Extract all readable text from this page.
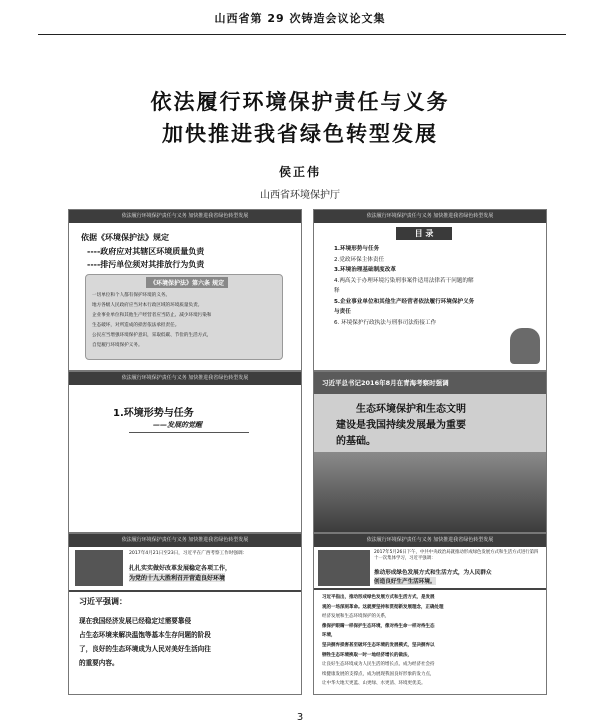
山西省第 29 次铸造会议论文集
依法履行环境保护责任与义务
加快推进我省绿色转型发展
侯正伟
山西省环境保护厅
依法履行环境保护责任与义务 加快推进我省绿色转型发展
依据《环境保护法》规定
----政府应对其辖区环境质量负责
----排污单位须对其排放行为负责
《环境保护法》第六条 规定
一切单位和个人都有保护环境的义务。
地方各级人民政府应当对本行政区域的环境质量负责。
企业事业单位和其他生产经营者应当防止、减少环境污染和
生态破坏，对所造成的损害依法承担责任。
公民应当增强环境保护意识，采取低碳、节俭的生活方式，
自觉履行环境保护义务。
依法履行环境保护责任与义务 加快推进我省绿色转型发展
目 录
1.环境形势与任务
2.党政环保主体责任
3.环境治理基础制度改革
4.两高关于办理环境污染刑事案件适用法律若干问题的解
释
5.企业事业单位和其他生产经营者依法履行环境保护义务
与责任
6. 环境保护行政执法与刑事司法衔接工作
依法履行环境保护责任与义务 加快推进我省绿色转型发展
1.环境形势与任务
——发展的觉醒
习近平总书记2016年8月在青海考察时强调
生态环境保护和生态文明
建设是我国持续发展最为重要
的基础。
依法履行环境保护责任与义务 加快推进我省绿色转型发展
2017年4月21日至23日，习近平在广西考察工作时强调：
扎扎实实做好改革发展稳定各项工作，
为党的十九大胜利召开营造良好环境
习近平强调：
现在我国经济发展已经稳定过需要靠侵
占生态环境来解决温饱等基本生存问题的阶段
了，良好的生态环境成为人民对美好生活向往
的重要内容。
依法履行环境保护责任与义务 加快推进我省绿色转型发展
2017年5月26日下午，中共中央政治局就推动形成绿色发展方式和生活方式进行第四十一次集体学习，习近平强调：
推动形成绿色发展方式和生活方式，为人民群众
创造良好生产生活环境。
习近平指出，推动形成绿色发展方式和生活方式，是发展
观的一场深刻革命。这就要坚持和贯彻新发展理念，正确处理
经济发展和生态环境保护的关系，
像保护眼睛一样保护生态环境，像对待生命一样对待生态
环境，
坚决摒弃损害甚至破坏生态环境的发展模式，坚决摒弃以
牺牲生态环境换取一时一地经济增长的做法，
让良好生态环境成为人民生活的增长点、成为经济社会持
续健康发展的支撑点，成为展现我国良好形象的发力点，
让中华大地天更蓝、山更绿、水更清、环境更优美。
3
